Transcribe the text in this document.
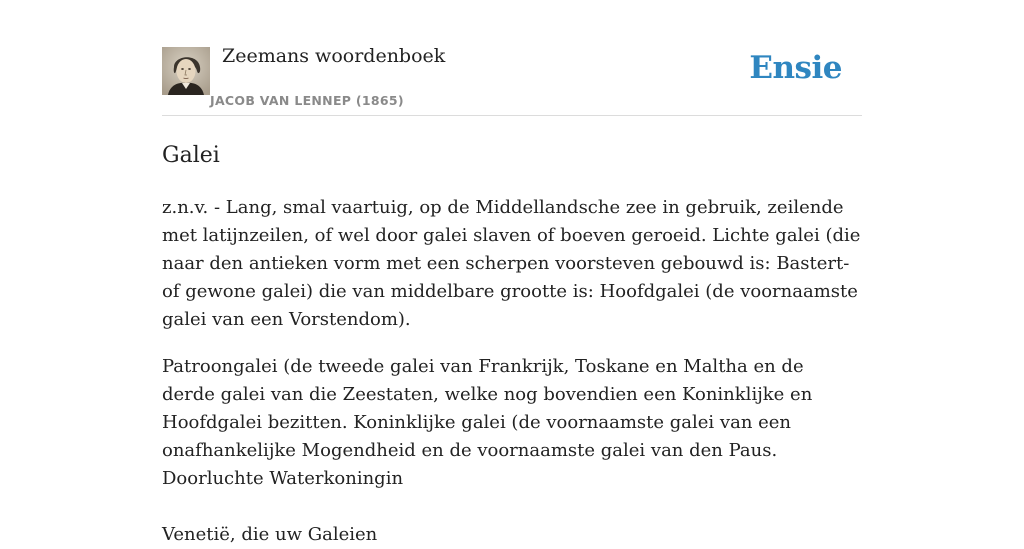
Zeemans woordenboek
JACOB VAN LENNEP (1865)
Ensie
Galei

z.n.v. - Lang, smal vaartuig, op de Middellandsche zee in gebruik, zeilende met latijnzeilen, of wel door galei slaven of boeven geroeid. Lichte galei (die naar den antieken vorm met een scherpen voorsteven gebouwd is: Bastert- of gewone galei) die van middelbare grootte is: Hoofdgalei (de voornaamste galei van een Vorstendom).

Patroongalei (de tweede galei van Frankrijk, Toskane en Maltha en de derde galei van die Zeestaten, welke nog bovendien een Koninklijke en Hoofdgalei bezitten. Koninklijke galei (de voornaamste galei van een onafhankelijke Mogendheid en de voornaamste galei van den Paus. Doorluchte Waterkoningin

Venetië, die uw Galeien
